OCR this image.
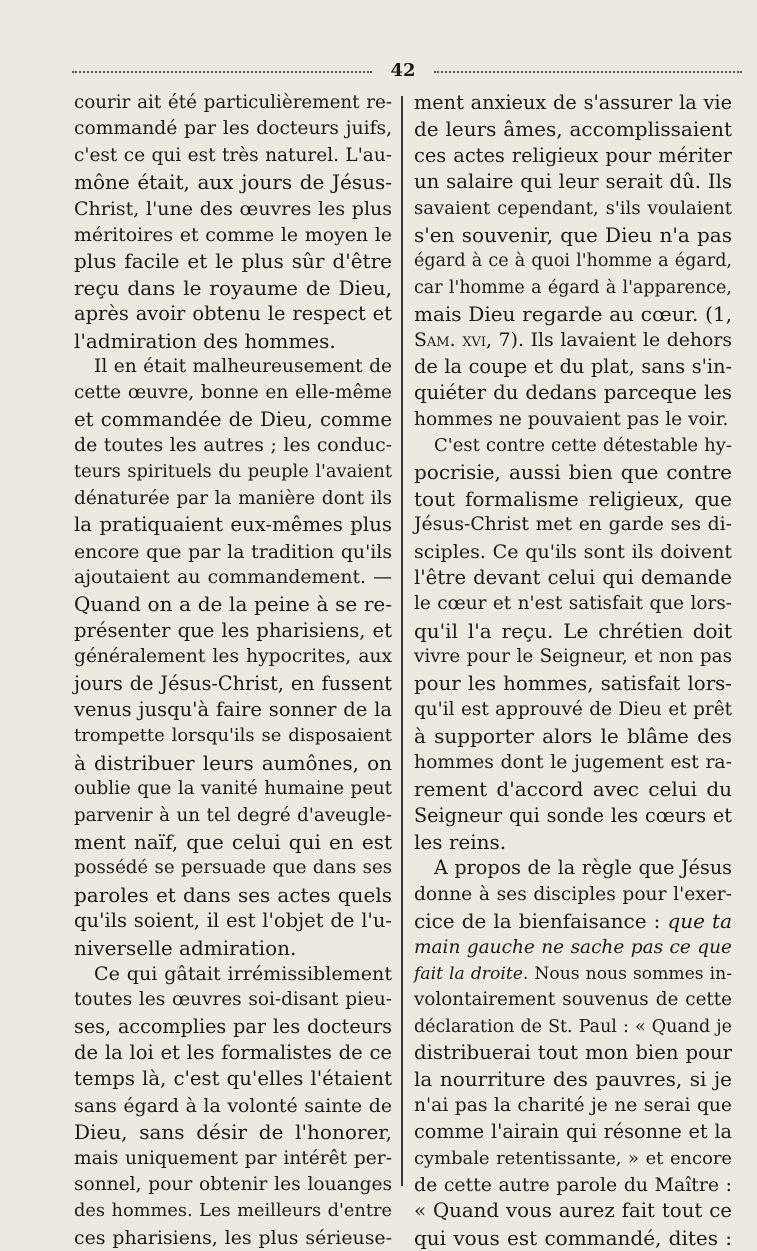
42
courir ait été particulièrement re-
commandé par les docteurs juifs,
c'est ce qui est très naturel. L'au-
mône était, aux jours de Jésus-
Christ, l'une des œuvres les plus
méritoires et comme le moyen le
plus facile et le plus sûr d'être
reçu dans le royaume de Dieu,
après avoir obtenu le respect et
l'admiration des hommes.
Il en était malheureusement de
cette œuvre, bonne en elle-même
et commandée de Dieu, comme
de toutes les autres ; les conduc-
teurs spirituels du peuple l'avaient
dénaturée par la manière dont ils
la pratiquaient eux-mêmes plus
encore que par la tradition qu'ils
ajoutaient au commandement. —
Quand on a de la peine à se re-
présenter que les pharisiens, et
généralement les hypocrites, aux
jours de Jésus-Christ, en fussent
venus jusqu'à faire sonner de la
trompette lorsqu'ils se disposaient
à distribuer leurs aumônes, on
oublie que la vanité humaine peut
parvenir à un tel degré d'aveugle-
ment naïf, que celui qui en est
possédé se persuade que dans ses
paroles et dans ses actes quels
qu'ils soient, il est l'objet de l'u-
niverselle admiration.
Ce qui gâtait irrémissiblement
toutes les œuvres soi-disant pieu-
ses, accomplies par les docteurs
de la loi et les formalistes de ce
temps là, c'est qu'elles l'étaient
sans égard à la volonté sainte de
Dieu, sans désir de l'honorer,
mais uniquement par intérêt per-
sonnel, pour obtenir les louanges
des hommes. Les meilleurs d'entre
ces pharisiens, les plus sérieuse-
ment anxieux de s'assurer la vie
de leurs âmes, accomplissaient
ces actes religieux pour mériter
un salaire qui leur serait dû. Ils
savaient cependant, s'ils voulaient
s'en souvenir, que Dieu n'a pas
égard à ce à quoi l'homme a égard,
car l'homme a égard à l'apparence,
mais Dieu regarde au cœur. (1,
Sam. xvi, 7). Ils lavaient le dehors
de la coupe et du plat, sans s'in-
quiéter du dedans parceque les
hommes ne pouvaient pas le voir.
C'est contre cette détestable hy-
pocrisie, aussi bien que contre
tout formalisme religieux, que
Jésus-Christ met en garde ses di-
sciples. Ce qu'ils sont ils doivent
l'être devant celui qui demande
le cœur et n'est satisfait que lors-
qu'il l'a reçu. Le chrétien doit
vivre pour le Seigneur, et non pas
pour les hommes, satisfait lors-
qu'il est approuvé de Dieu et prêt
à supporter alors le blâme des
hommes dont le jugement est ra-
rement d'accord avec celui du
Seigneur qui sonde les cœurs et
les reins.
A propos de la règle que Jésus
donne à ses disciples pour l'exer-
cice de la bienfaisance : que ta
main gauche ne sache pas ce que
fait la droite. Nous nous sommes in-
volontairement souvenus de cette
déclaration de St. Paul : « Quand je
distribuerai tout mon bien pour
la nourriture des pauvres, si je
n'ai pas la charité je ne serai que
comme l'airain qui résonne et la
cymbale retentissante, » et encore
de cette autre parole du Maître :
« Quand vous aurez fait tout ce
qui vous est commandé, dites :
